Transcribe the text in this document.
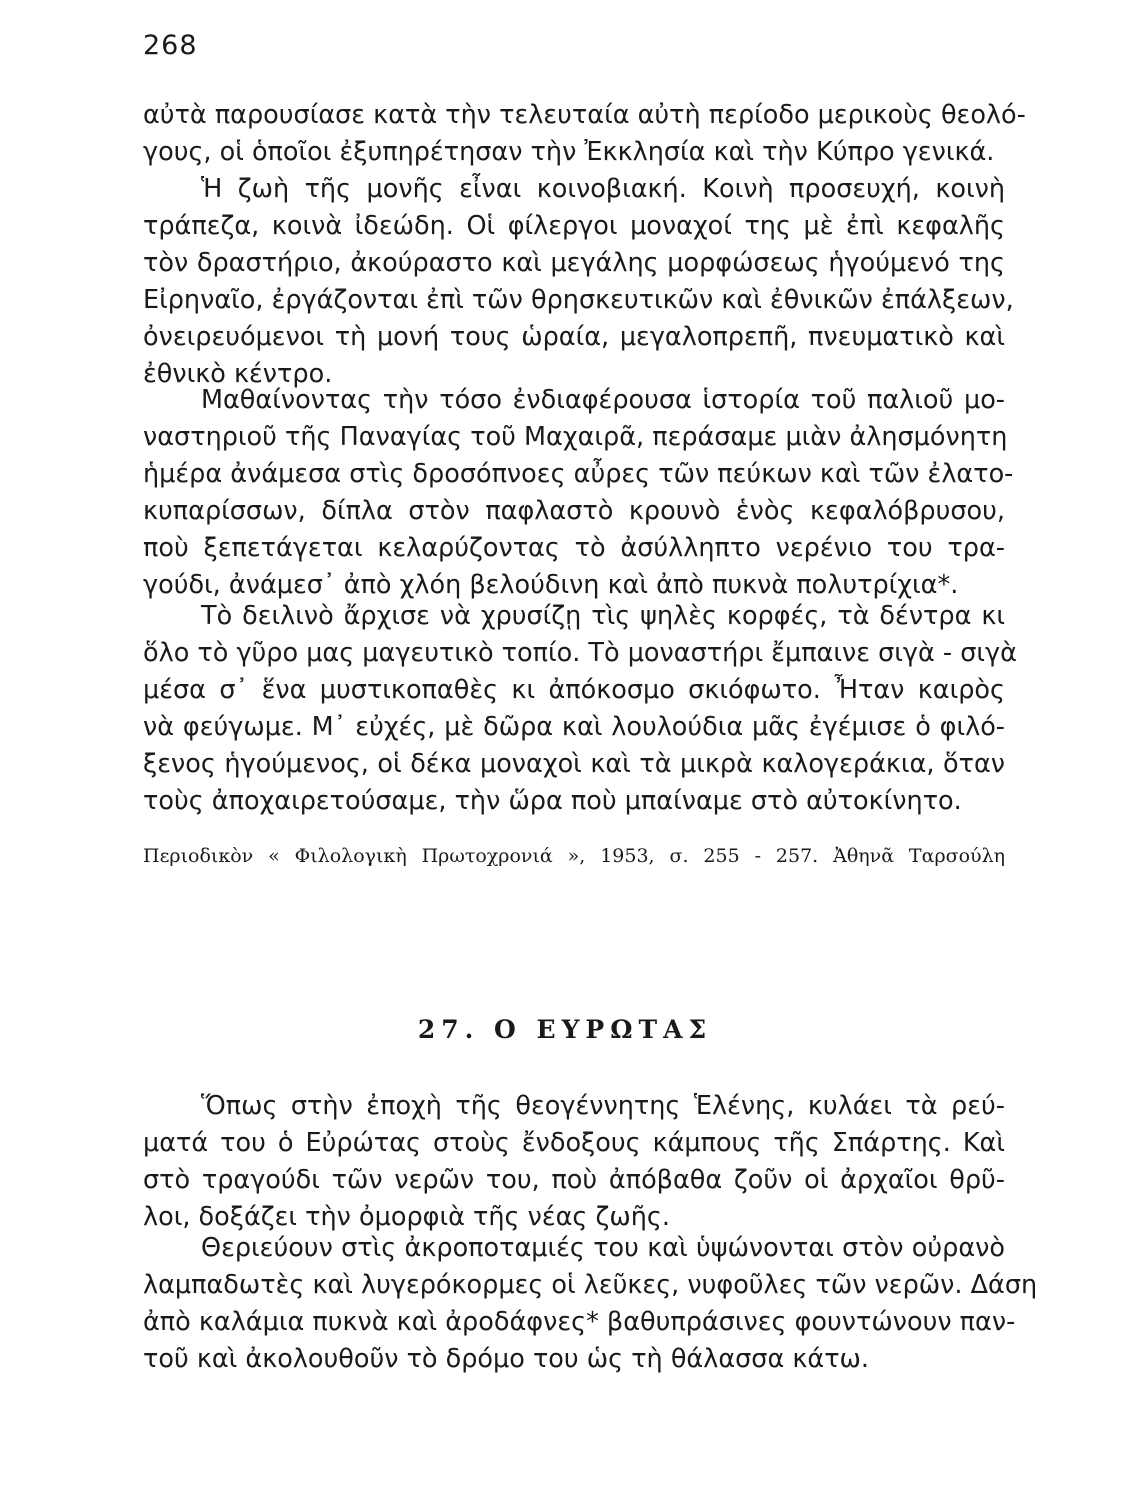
268
αὐτὰ παρουσίασε κατὰ τὴν τελευταία αὐτὴ περίοδο μερικοὺς θεολό-
γους, οἱ ὁποῖοι ἐξυπηρέτησαν τὴν Ἐκκλησία καὶ τὴν Κύπρο γενικά.
Ἡ ζωὴ τῆς μονῆς εἶναι κοινοβιακή. Κοινὴ προσευχή, κοινὴ
τράπεζα, κοινὰ ἰδεώδη. Οἱ φίλεργοι μοναχοί της μὲ ἐπὶ κεφαλῆς
τὸν δραστήριο, ἀκούραστο καὶ μεγάλης μορφώσεως ἡγούμενό της
Εἰρηναῖο, ἐργάζονται ἐπὶ τῶν θρησκευτικῶν καὶ ἐθνικῶν ἐπάλξεων,
ὀνειρευόμενοι τὴ μονή τους ὡραία, μεγαλοπρεπῆ, πνευματικὸ καὶ
ἐθνικὸ κέντρο.
Μαθαίνοντας τὴν τόσο ἐνδιαφέρουσα ἱστορία τοῦ παλιοῦ μο-
ναστηριοῦ τῆς Παναγίας τοῦ Μαχαιρᾶ, περάσαμε μιὰν ἀλησμόνητη
ἡμέρα ἀνάμεσα στὶς δροσόπνοες αὖρες τῶν πεύκων καὶ τῶν ἐλατο-
κυπαρίσσων, δίπλα στὸν παφλαστὸ κρουνὸ ἑνὸς κεφαλόβρυσου,
ποὺ ξεπετάγεται κελαρύζοντας τὸ ἀσύλληπτο νερένιο του τρα-
γούδι, ἀνάμεσ᾽ ἀπὸ χλόη βελούδινη καὶ ἀπὸ πυκνὰ πολυτρίχια*.
Τὸ δειλινὸ ἄρχισε νὰ χρυσίζῃ τὶς ψηλὲς κορφές, τὰ δέντρα κι
ὅλο τὸ γῦρο μας μαγευτικὸ τοπίο. Τὸ μοναστήρι ἔμπαινε σιγὰ - σιγὰ
μέσα σ᾽ ἕνα μυστικοπαθὲς κι ἀπόκοσμο σκιόφωτο. Ἦταν καιρὸς
νὰ φεύγωμε. Μ᾽ εὐχές, μὲ δῶρα καὶ λουλούδια μᾶς ἐγέμισε ὁ φιλό-
ξενος ἡγούμενος, οἱ δέκα μοναχοὶ καὶ τὰ μικρὰ καλογεράκια, ὅταν
τοὺς ἀποχαιρετούσαμε, τὴν ὥρα ποὺ μπαίναμε στὸ αὐτοκίνητο.
Περιοδικὸν « Φιλολογικὴ Πρωτοχρονιά », 1953, σ. 255 - 257. Ἀθηνᾶ Ταρσούλη
27. Ο ΕΥΡΩΤΑΣ
Ὅπως στὴν ἐποχὴ τῆς θεογέννητης Ἑλένης, κυλάει τὰ ρεύ-
ματά του ὁ Εὐρώτας στοὺς ἔνδοξους κάμπους τῆς Σπάρτης. Καὶ
στὸ τραγούδι τῶν νερῶν του, ποὺ ἀπόβαθα ζοῦν οἱ ἀρχαῖοι θρῦ-
λοι, δοξάζει τὴν ὀμορφιὰ τῆς νέας ζωῆς.
Θεριεύουν στὶς ἀκροποταμιές του καὶ ὑψώνονται στὸν οὐρανὸ
λαμπαδωτὲς καὶ λυγερόκορμες οἱ λεῦκες, νυφοῦλες τῶν νερῶν. Δάση
ἀπὸ καλάμια πυκνὰ καὶ ἀροδάφνες* βαθυπράσινες φουντώνουν παν-
τοῦ καὶ ἀκολουθοῦν τὸ δρόμο του ὡς τὴ θάλασσα κάτω.
